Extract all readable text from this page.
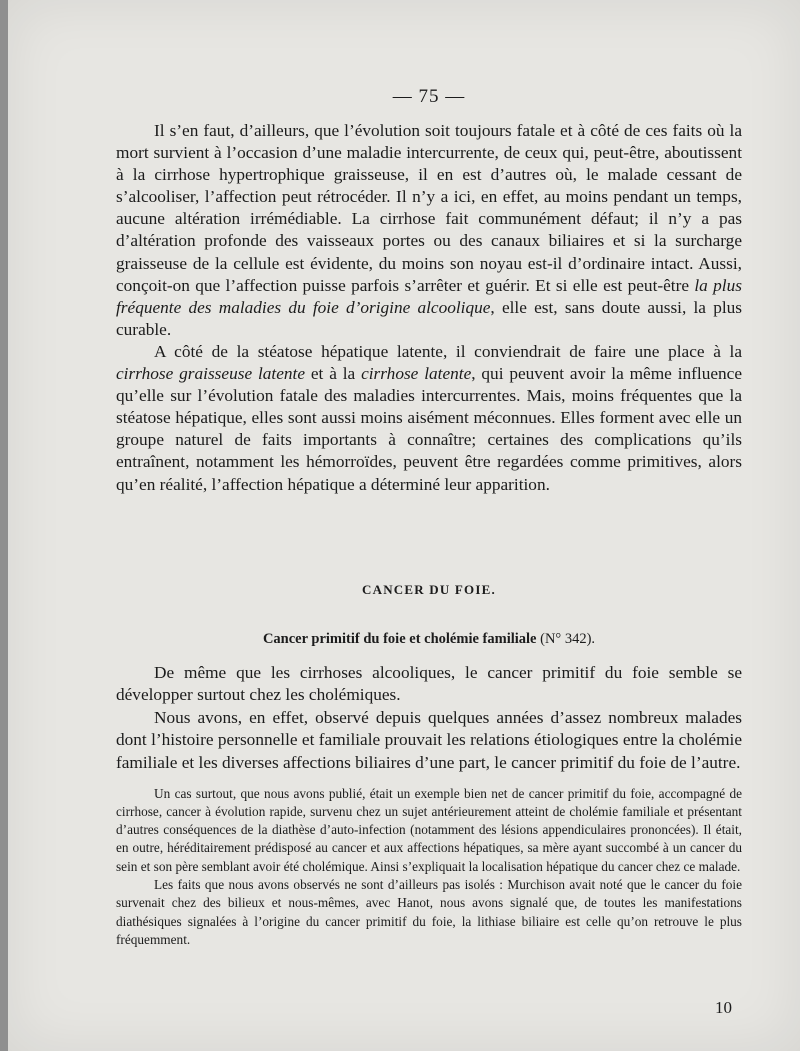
— 75 —

Il s’en faut, d’ailleurs, que l’évolution soit toujours fatale et à côté de ces faits où la mort survient à l’occasion d’une maladie intercurrente, de ceux qui, peut-être, aboutissent à la cirrhose hypertrophique graisseuse, il en est d’autres où, le malade cessant de s’alcooliser, l’affection peut rétrocéder. Il n’y a ici, en effet, au moins pendant un temps, aucune altération irrémédiable. La cirrhose fait communément défaut; il n’y a pas d’altération profonde des vaisseaux portes ou des canaux biliaires et si la surcharge graisseuse de la cellule est évidente, du moins son noyau est-il d’ordinaire intact. Aussi, conçoit-on que l’affection puisse parfois s’arrêter et guérir. Et si elle est peut-être la plus fréquente des maladies du foie d’origine alcoolique, elle est, sans doute aussi, la plus curable.

A côté de la stéatose hépatique latente, il conviendrait de faire une place à la cirrhose graisseuse latente et à la cirrhose latente, qui peuvent avoir la même influence qu’elle sur l’évolution fatale des maladies intercurrentes. Mais, moins fréquentes que la stéatose hépatique, elles sont aussi moins aisément méconnues. Elles forment avec elle un groupe naturel de faits importants à connaître; certaines des complications qu’ils entraînent, notamment les hémorroïdes, peuvent être regardées comme primitives, alors qu’en réalité, l’affection hépatique a déterminé leur apparition.

CANCER DU FOIE.
Cancer primitif du foie et cholémie familiale (N° 342).

De même que les cirrhoses alcooliques, le cancer primitif du foie semble se développer surtout chez les cholémiques.

Nous avons, en effet, observé depuis quelques années d’assez nombreux malades dont l’histoire personnelle et familiale prouvait les relations étiologiques entre la cholémie familiale et les diverses affections biliaires d’une part, le cancer primitif du foie de l’autre.

Un cas surtout, que nous avons publié, était un exemple bien net de cancer primitif du foie, accompagné de cirrhose, cancer à évolution rapide, survenu chez un sujet antérieurement atteint de cholémie familiale et présentant d’autres conséquences de la diathèse d’auto-infection (notamment des lésions appendiculaires prononcées). Il était, en outre, héréditairement prédisposé au cancer et aux affections hépatiques, sa mère ayant succombé à un cancer du sein et son père semblant avoir été cholémique. Ainsi s’expliquait la localisation hépatique du cancer chez ce malade.

Les faits que nous avons observés ne sont d’ailleurs pas isolés : Murchison avait noté que le cancer du foie survenait chez des bilieux et nous-mêmes, avec Hanot, nous avons signalé que, de toutes les manifestations diathésiques signalées à l’origine du cancer primitif du foie, la lithiase biliaire est celle qu’on retrouve le plus fréquemment.

10
